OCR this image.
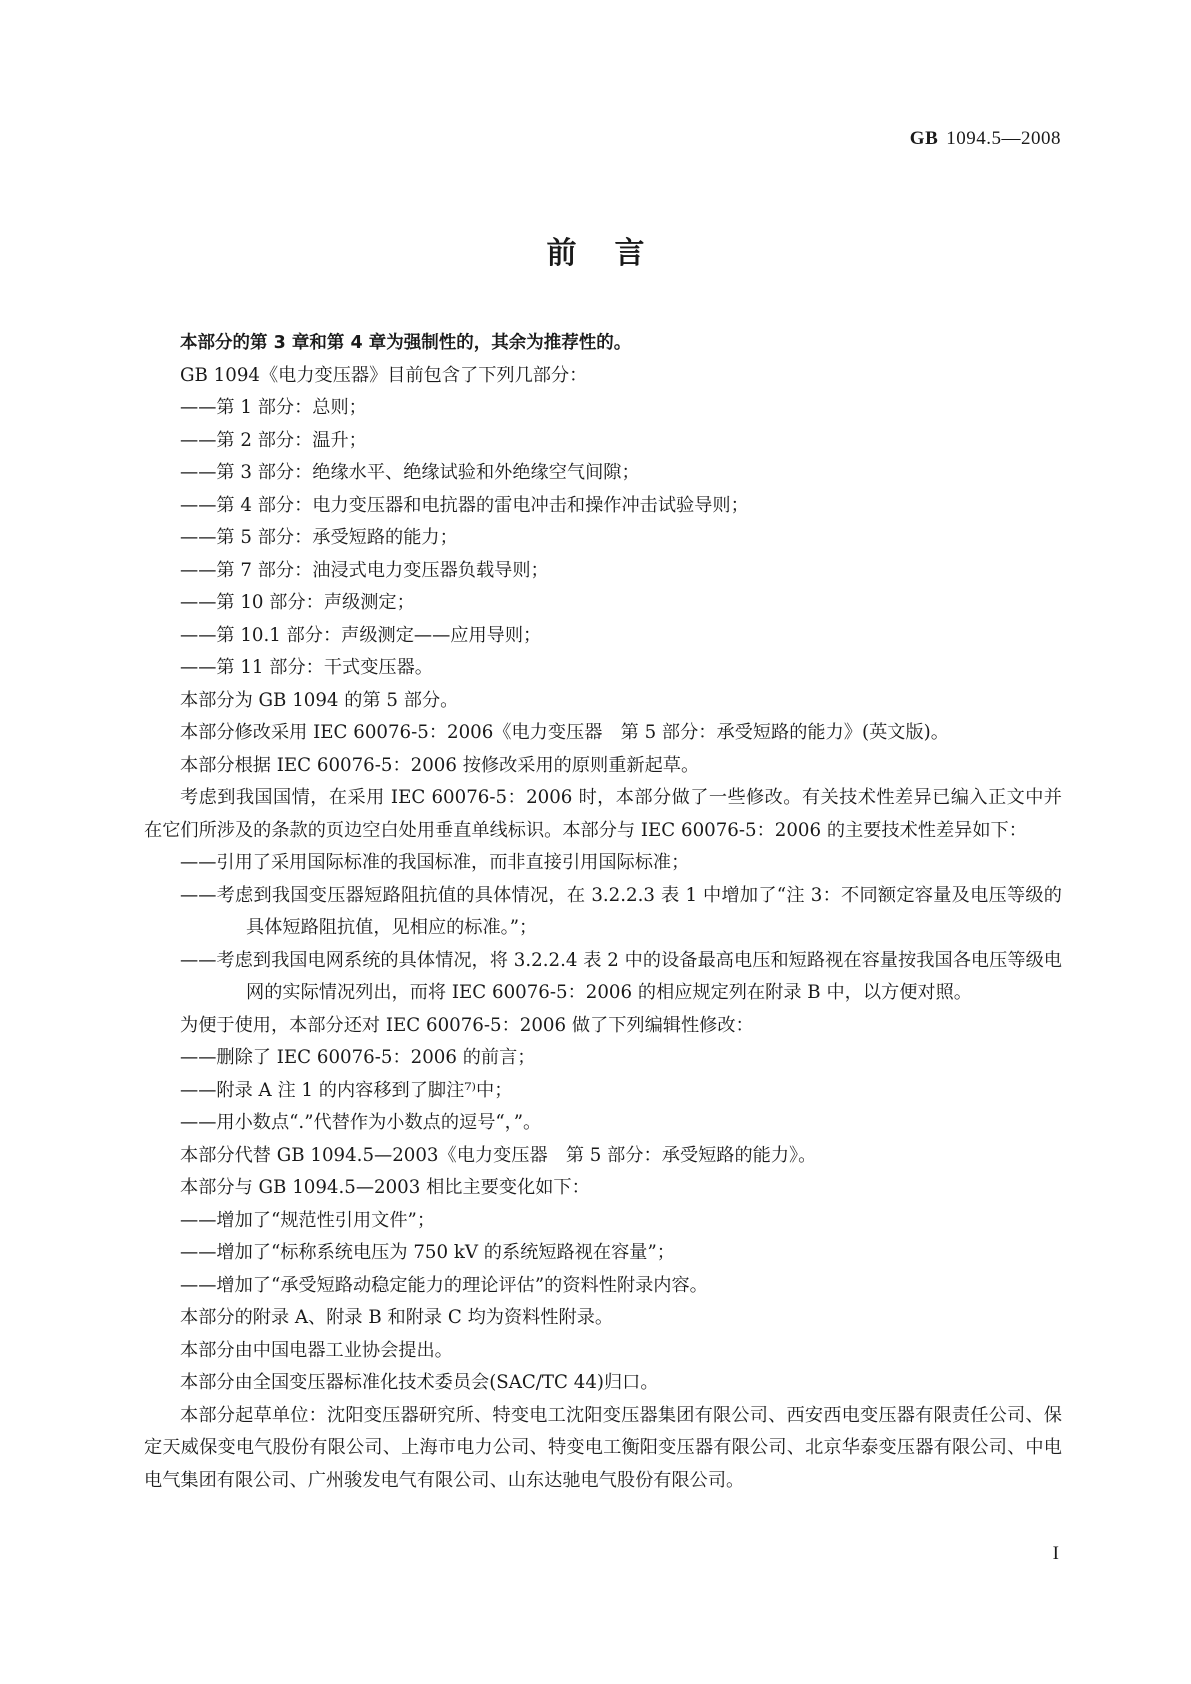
GB 1094.5—2008
前言

本部分的第 3 章和第 4 章为强制性的，其余为推荐性的。

GB 1094《电力变压器》目前包含了下列几部分：

——第 1 部分：总则；

——第 2 部分：温升；

——第 3 部分：绝缘水平、绝缘试验和外绝缘空气间隙；

——第 4 部分：电力变压器和电抗器的雷电冲击和操作冲击试验导则；

——第 5 部分：承受短路的能力；

——第 7 部分：油浸式电力变压器负载导则；

——第 10 部分：声级测定；

——第 10.1 部分：声级测定——应用导则；

——第 11 部分：干式变压器。

本部分为 GB 1094 的第 5 部分。

本部分修改采用 IEC 60076-5：2006《电力变压器　第 5 部分：承受短路的能力》(英文版)。

本部分根据 IEC 60076-5：2006 按修改采用的原则重新起草。

考虑到我国国情，在采用 IEC 60076-5：2006 时，本部分做了一些修改。有关技术性差异已编入正文中并在它们所涉及的条款的页边空白处用垂直单线标识。本部分与 IEC 60076-5：2006 的主要技术性差异如下：

——引用了采用国际标准的我国标准，而非直接引用国际标准；

——考虑到我国变压器短路阻抗值的具体情况，在 3.2.2.3 表 1 中增加了“注 3：不同额定容量及电压等级的具体短路阻抗值，见相应的标准。”；

——考虑到我国电网系统的具体情况，将 3.2.2.4 表 2 中的设备最高电压和短路视在容量按我国各电压等级电网的实际情况列出，而将 IEC 60076-5：2006 的相应规定列在附录 B 中，以方便对照。

为便于使用，本部分还对 IEC 60076-5：2006 做了下列编辑性修改：

——删除了 IEC 60076-5：2006 的前言；

——附录 A 注 1 的内容移到了脚注⁷⁾中；

——用小数点“.”代替作为小数点的逗号“，”。

本部分代替 GB 1094.5—2003《电力变压器　第 5 部分：承受短路的能力》。

本部分与 GB 1094.5—2003 相比主要变化如下：

——增加了“规范性引用文件”；

——增加了“标称系统电压为 750 kV 的系统短路视在容量”；

——增加了“承受短路动稳定能力的理论评估”的资料性附录内容。

本部分的附录 A、附录 B 和附录 C 均为资料性附录。

本部分由中国电器工业协会提出。

本部分由全国变压器标准化技术委员会(SAC/TC 44)归口。

本部分起草单位：沈阳变压器研究所、特变电工沈阳变压器集团有限公司、西安西电变压器有限责任公司、保定天威保变电气股份有限公司、上海市电力公司、特变电工衡阳变压器有限公司、北京华泰变压器有限公司、中电电气集团有限公司、广州骏发电气有限公司、山东达驰电气股份有限公司。

I
